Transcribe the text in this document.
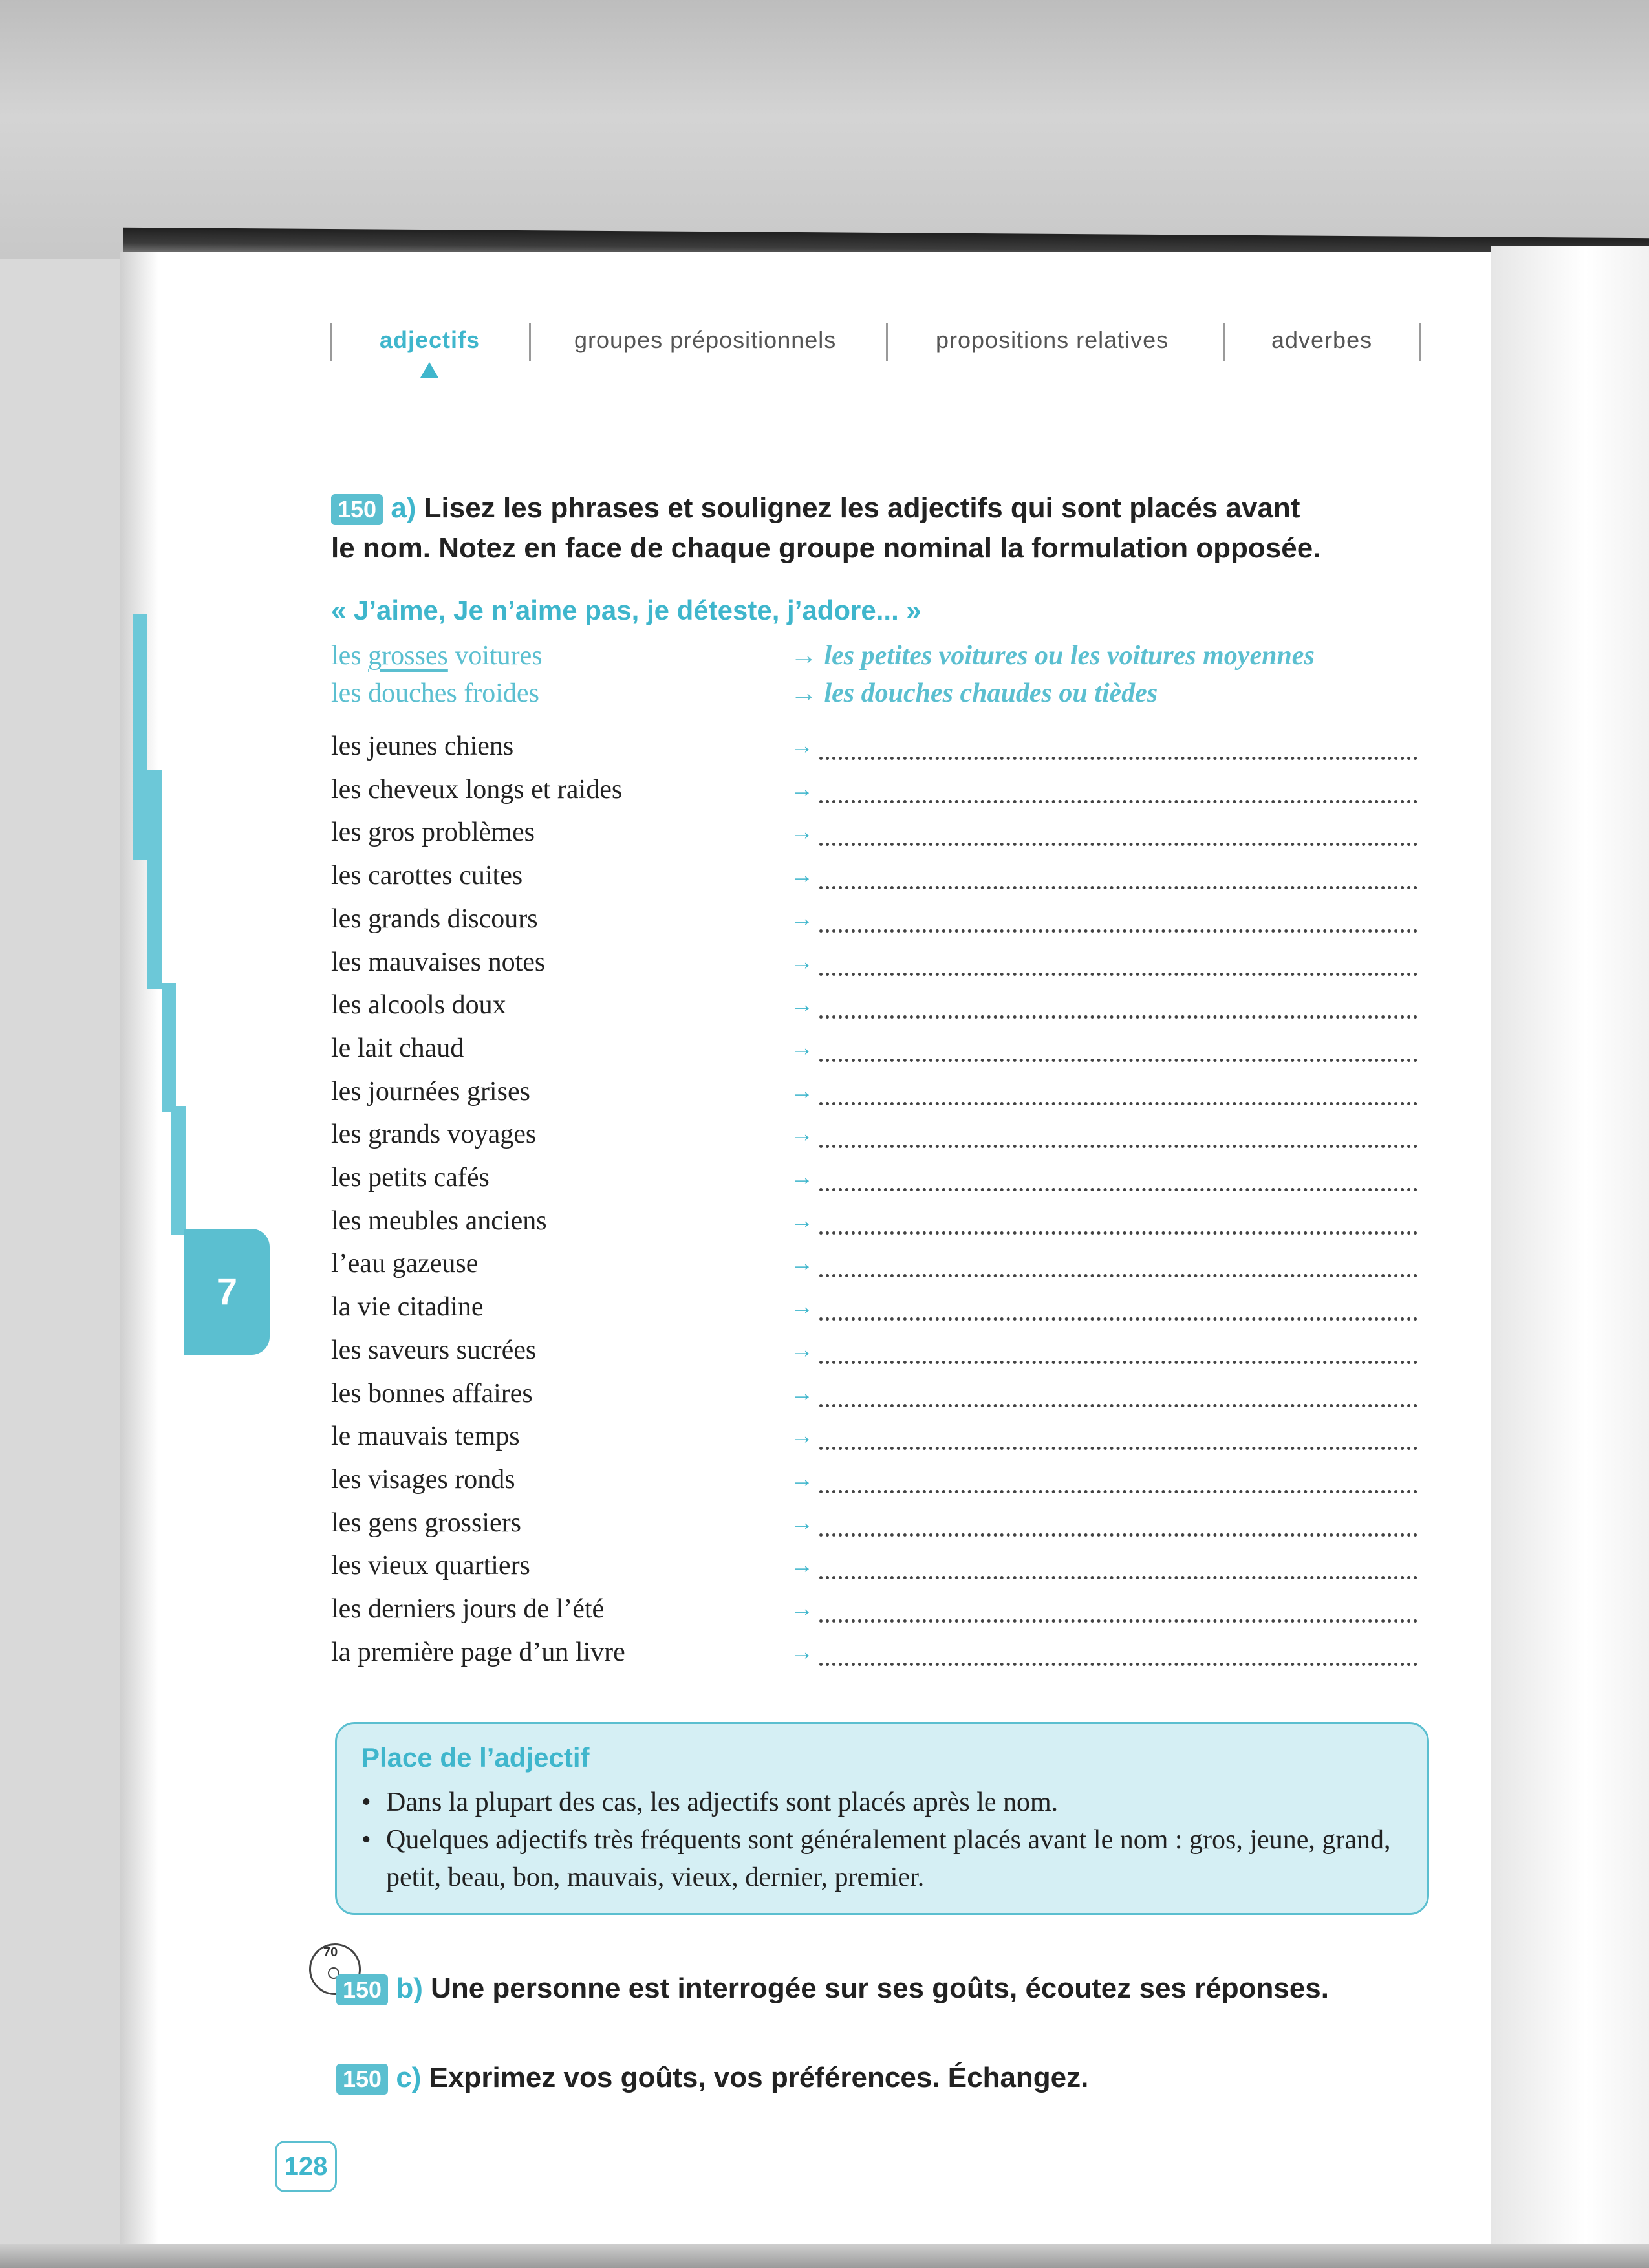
7
adjectifs	groupes prépositionnels	propositions relatives	adverbes
150 a) Lisez les phrases et soulignez les adjectifs qui sont placés avant
le nom. Notez en face de chaque groupe nominal la formulation opposée.
« J’aime, Je n’aime pas, je déteste, j’adore... »
les grosses voitures	→ les petites voitures ou les voitures moyennes
les douches froides	→ les douches chaudes ou tièdes
les jeunes chiens	→
les cheveux longs et raides	→
les gros problèmes	→
les carottes cuites	→
les grands discours	→
les mauvaises notes	→
les alcools doux	→
le lait chaud	→
les journées grises	→
les grands voyages	→
les petits cafés	→
les meubles anciens	→
l’eau gazeuse	→
la vie citadine	→
les saveurs sucrées	→
les bonnes affaires	→
le mauvais temps	→
les visages ronds	→
les gens grossiers	→
les vieux quartiers	→
les derniers jours de l’été	→
la première page d’un livre	→
Place de l’adjectif
• Dans la plupart des cas, les adjectifs sont placés après le nom.
• Quelques adjectifs très fréquents sont généralement placés avant le nom : gros, jeune, grand, petit, beau, bon, mauvais, vieux, dernier, premier.
70
150 b) Une personne est interrogée sur ses goûts, écoutez ses réponses.
150 c) Exprimez vos goûts, vos préférences. Échangez.
128
